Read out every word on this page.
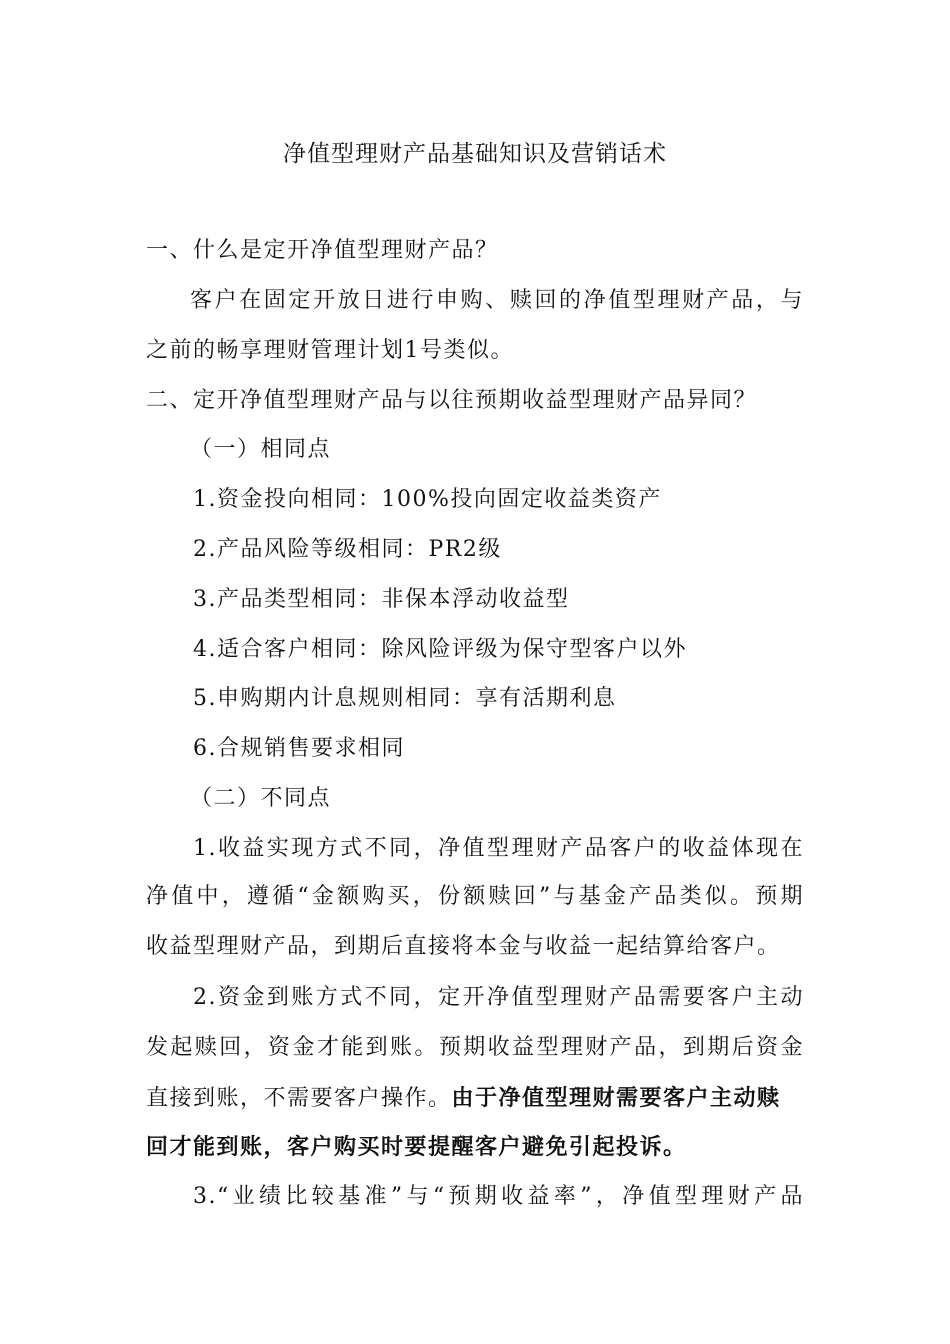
净值型理财产品基础知识及营销话术
一、什么是定开净值型理财产品？
客户在固定开放日进行申购、赎回的净值型理财产品，与
之前的畅享理财管理计划1号类似。
二、定开净值型理财产品与以往预期收益型理财产品异同？
（一）相同点
1.资金投向相同：100%投向固定收益类资产
2.产品风险等级相同：PR2级
3.产品类型相同：非保本浮动收益型
4.适合客户相同：除风险评级为保守型客户以外
5.申购期内计息规则相同：享有活期利息
6.合规销售要求相同
（二）不同点
1.收益实现方式不同，净值型理财产品客户的收益体现在
净值中，遵循“金额购买，份额赎回”与基金产品类似。预期
收益型理财产品，到期后直接将本金与收益一起结算给客户。
2.资金到账方式不同，定开净值型理财产品需要客户主动
发起赎回，资金才能到账。预期收益型理财产品，到期后资金
直接到账，不需要客户操作。由于净值型理财需要客户主动赎
回才能到账，客户购买时要提醒客户避免引起投诉。
3.“业绩比较基准”与“预期收益率”，净值型理财产品
